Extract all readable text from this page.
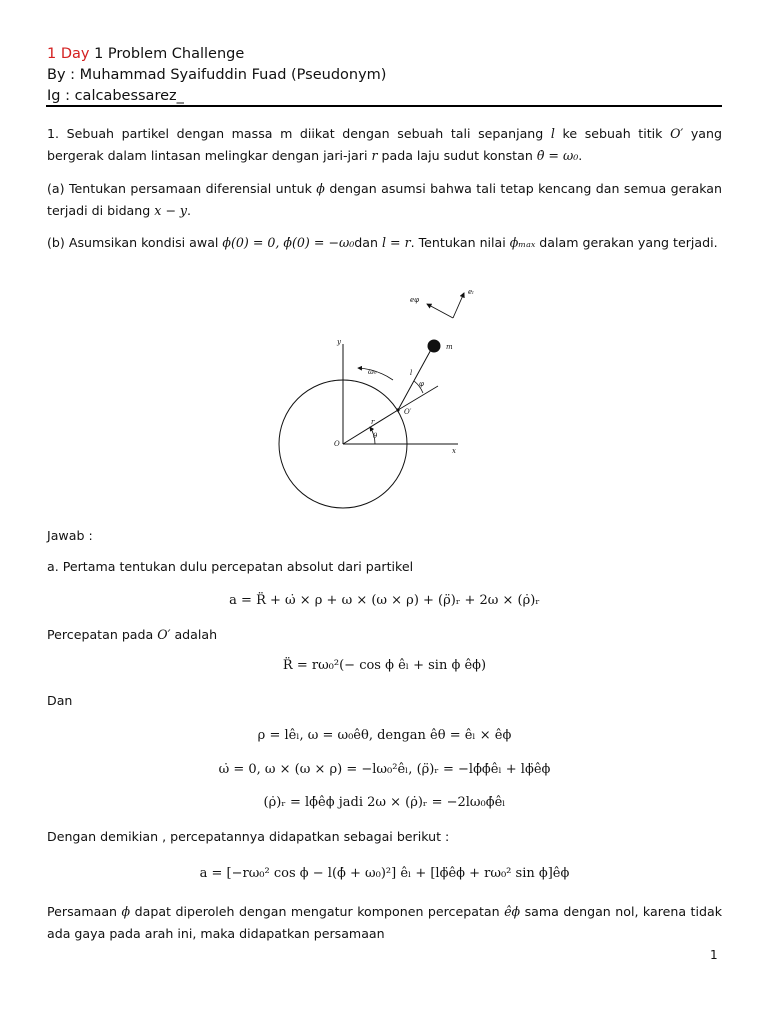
1 Day 1 Problem Challenge
By : Muhammad Syaifuddin Fuad (Pseudonym)
Ig : calcabessarez_
1. Sebuah partikel dengan massa m diikat dengan sebuah tali sepanjang l ke sebuah titik O′ yang bergerak dalam lintasan melingkar dengan jari-jari r pada laju sudut konstan θ̇ = ω₀.
(a) Tentukan persamaan diferensial untuk ϕ dengan asumsi bahwa tali tetap kencang dan semua gerakan terjadi di bidang x − y.
(b) Asumsikan kondisi awal ϕ(0) = 0, ϕ̇(0) = −ω₀dan l = r. Tentukan nilai ϕₘₐₓ dalam gerakan yang terjadi.
eφ
eₗ
y
x
O
O′
r
θ
φ
l
m
ω₀
Jawab :
a. Pertama tentukan dulu percepatan absolut dari partikel
a = R̈ + ω̇ × ρ + ω × (ω × ρ) + (ρ̈)ᵣ + 2ω × (ρ̇)ᵣ
Percepatan pada O′ adalah
R̈ = rω₀²(− cos ϕ êₗ + sin ϕ êϕ)
Dan
ρ = lêₗ, ω = ω₀êθ, dengan êθ = êₗ × êϕ
ω̇ = 0, ω × (ω × ρ) = −lω₀²êₗ, (ρ̈)ᵣ = −lϕ̇ϕ̇êₗ + lϕ̈êϕ
(ρ̇)ᵣ = lϕ̇êϕ jadi 2ω × (ρ̇)ᵣ = −2lω₀ϕ̇êₗ
Dengan demikian , percepatannya didapatkan sebagai berikut :
a = [−rω₀² cos ϕ − l(ϕ̇ + ω₀)²] êₗ + [lϕ̈êϕ + rω₀² sin ϕ]êϕ
Persamaan ϕ dapat diperoleh dengan mengatur komponen percepatan êϕ sama dengan nol, karena tidak ada gaya pada arah ini, maka didapatkan persamaan
1
